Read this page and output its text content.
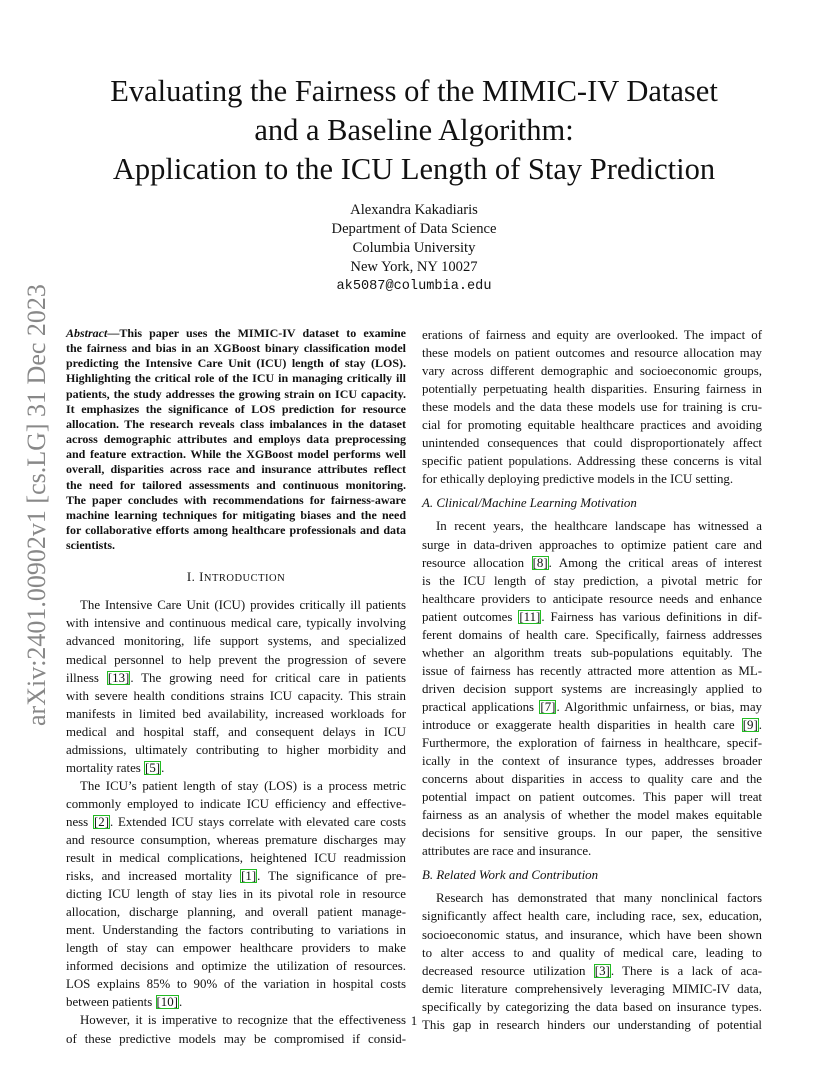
arXiv:2401.00902v1 [cs.LG] 31 Dec 2023
Evaluating the Fairness of the MIMIC-IV Dataset
and a Baseline Algorithm:
Application to the ICU Length of Stay Prediction
Alexandra Kakadiaris
Department of Data Science
Columbia University
New York, NY 10027
ak5087@columbia.edu
Abstract—This paper uses the MIMIC-IV dataset to examine
the fairness and bias in an XGBoost binary classification model
predicting the Intensive Care Unit (ICU) length of stay (LOS).
Highlighting the critical role of the ICU in managing critically ill
patients, the study addresses the growing strain on ICU capacity.
It emphasizes the significance of LOS prediction for resource
allocation. The research reveals class imbalances in the dataset
across demographic attributes and employs data preprocessing
and feature extraction. While the XGBoost model performs well
overall, disparities across race and insurance attributes reflect
the need for tailored assessments and continuous monitoring.
The paper concludes with recommendations for fairness-aware
machine learning techniques for mitigating biases and the need
for collaborative efforts among healthcare professionals and data
scientists.
I. INTRODUCTION
The Intensive Care Unit (ICU) provides critically ill patients
with intensive and continuous medical care, typically involving
advanced monitoring, life support systems, and specialized
medical personnel to help prevent the progression of severe
illness [13]. The growing need for critical care in patients
with severe health conditions strains ICU capacity. This strain
manifests in limited bed availability, increased workloads for
medical and hospital staff, and consequent delays in ICU
admissions, ultimately contributing to higher morbidity and
mortality rates [5].
The ICU’s patient length of stay (LOS) is a process metric
commonly employed to indicate ICU efficiency and effective-
ness [2]. Extended ICU stays correlate with elevated care costs
and resource consumption, whereas premature discharges may
result in medical complications, heightened ICU readmission
risks, and increased mortality [1]. The significance of pre-
dicting ICU length of stay lies in its pivotal role in resource
allocation, discharge planning, and overall patient manage-
ment. Understanding the factors contributing to variations in
length of stay can empower healthcare providers to make
informed decisions and optimize the utilization of resources.
LOS explains 85% to 90% of the variation in hospital costs
between patients [10].
However, it is imperative to recognize that the effectiveness
of these predictive models may be compromised if consid-
erations of fairness and equity are overlooked. The impact of
these models on patient outcomes and resource allocation may
vary across different demographic and socioeconomic groups,
potentially perpetuating health disparities. Ensuring fairness in
these models and the data these models use for training is cru-
cial for promoting equitable healthcare practices and avoiding
unintended consequences that could disproportionately affect
specific patient populations. Addressing these concerns is vital
for ethically deploying predictive models in the ICU setting.
A. Clinical/Machine Learning Motivation
In recent years, the healthcare landscape has witnessed a
surge in data-driven approaches to optimize patient care and
resource allocation [8]. Among the critical areas of interest
is the ICU length of stay prediction, a pivotal metric for
healthcare providers to anticipate resource needs and enhance
patient outcomes [11]. Fairness has various definitions in dif-
ferent domains of health care. Specifically, fairness addresses
whether an algorithm treats sub-populations equitably. The
issue of fairness has recently attracted more attention as ML-
driven decision support systems are increasingly applied to
practical applications [7]. Algorithmic unfairness, or bias, may
introduce or exaggerate health disparities in health care [9].
Furthermore, the exploration of fairness in healthcare, specif-
ically in the context of insurance types, addresses broader
concerns about disparities in access to quality care and the
potential impact on patient outcomes. This paper will treat
fairness as an analysis of whether the model makes equitable
decisions for sensitive groups. In our paper, the sensitive
attributes are race and insurance.
B. Related Work and Contribution
Research has demonstrated that many nonclinical factors
significantly affect health care, including race, sex, education,
socioeconomic status, and insurance, which have been shown
to alter access to and quality of medical care, leading to
decreased resource utilization [3]. There is a lack of aca-
demic literature comprehensively leveraging MIMIC-IV data,
specifically by categorizing the data based on insurance types.
This gap in research hinders our understanding of potential
1
